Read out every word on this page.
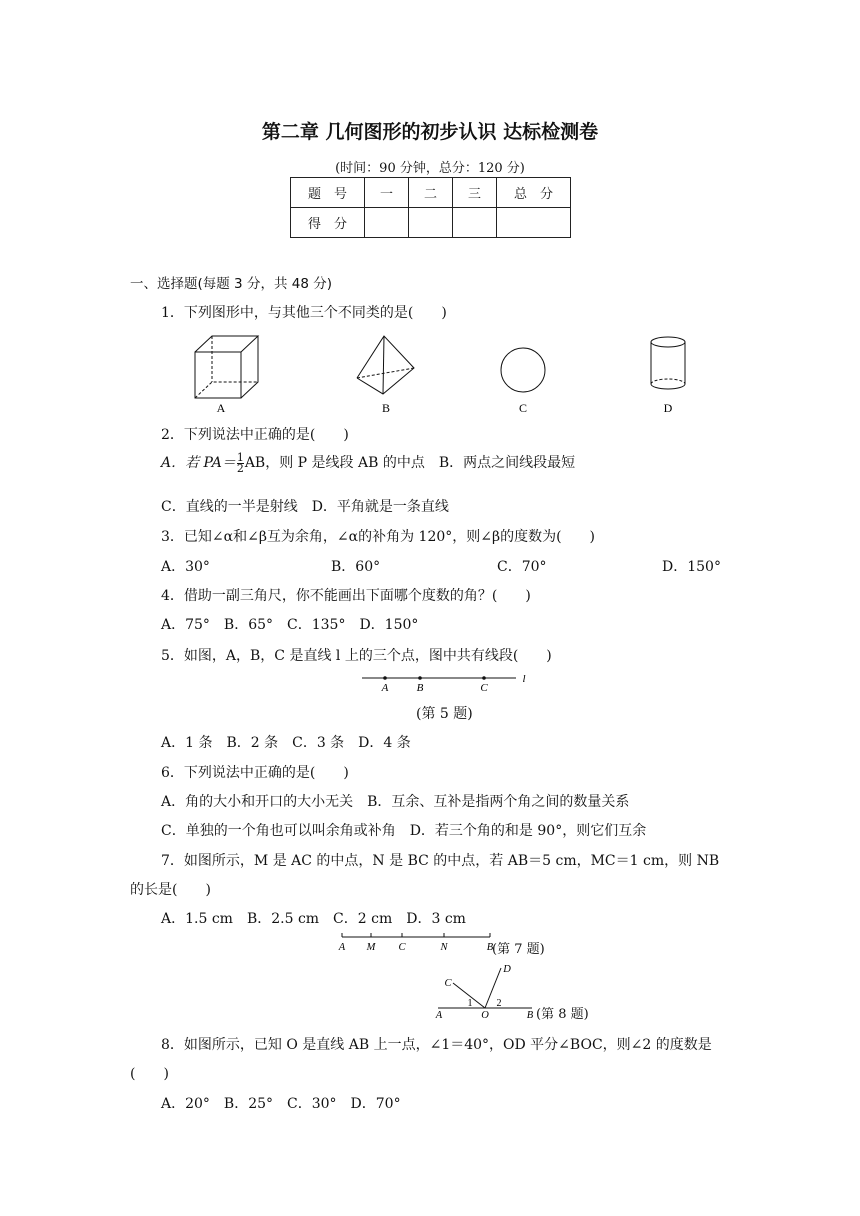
第二章 几何图形的初步认识 达标检测卷
(时间：90 分钟，总分：120 分)
题　号	一	二	三	总　分
得　分				
一、选择题(每题 3 分，共 48 分)
1．下列图形中，与其他三个不同类的是(　　)
A	B	C	D
2．下列说法中正确的是(　　)
A．若 $PA= \frac{1}{2}$ AB，则 P 是线段 AB 的中点　B．两点之间线段最短
C．直线的一半是射线　D．平角就是一条直线
3．已知∠α和∠β互为余角，∠α的补角为 120°，则∠β的度数为(　　)
A．30°	B．60°	C．70°	D．150°
4．借助一副三角尺，你不能画出下面哪个度数的角？(　　)
A．75°　B．65°　C．135°　D．150°
5．如图，A，B，C 是直线 l 上的三个点，图中共有线段(　　)
A	B	C
l
(第 5 题)
A．1 条　B．2 条　C．3 条　D．4 条
6．下列说法中正确的是(　　)
A．角的大小和开口的大小无关　B．互余、互补是指两个角之间的数量关系
C．单独的一个角也可以叫余角或补角　D．若三个角的和是 90°，则它们互余
7．如图所示，M 是 AC 的中点，N 是 BC 的中点，若 AB＝5 cm，MC＝1 cm，则 NB
的长是(　　)
A．1.5 cm　B．2.5 cm　C．2 cm　D．3 cm
A M C	N	B
(第 7 题)
C
D
1 2
A	O	B (第 8 题)
8．如图所示，已知 O 是直线 AB 上一点，∠1＝40°，OD 平分∠BOC，则∠2 的度数是
(　　)
A．20°　B．25°　C．30°　D．70°
